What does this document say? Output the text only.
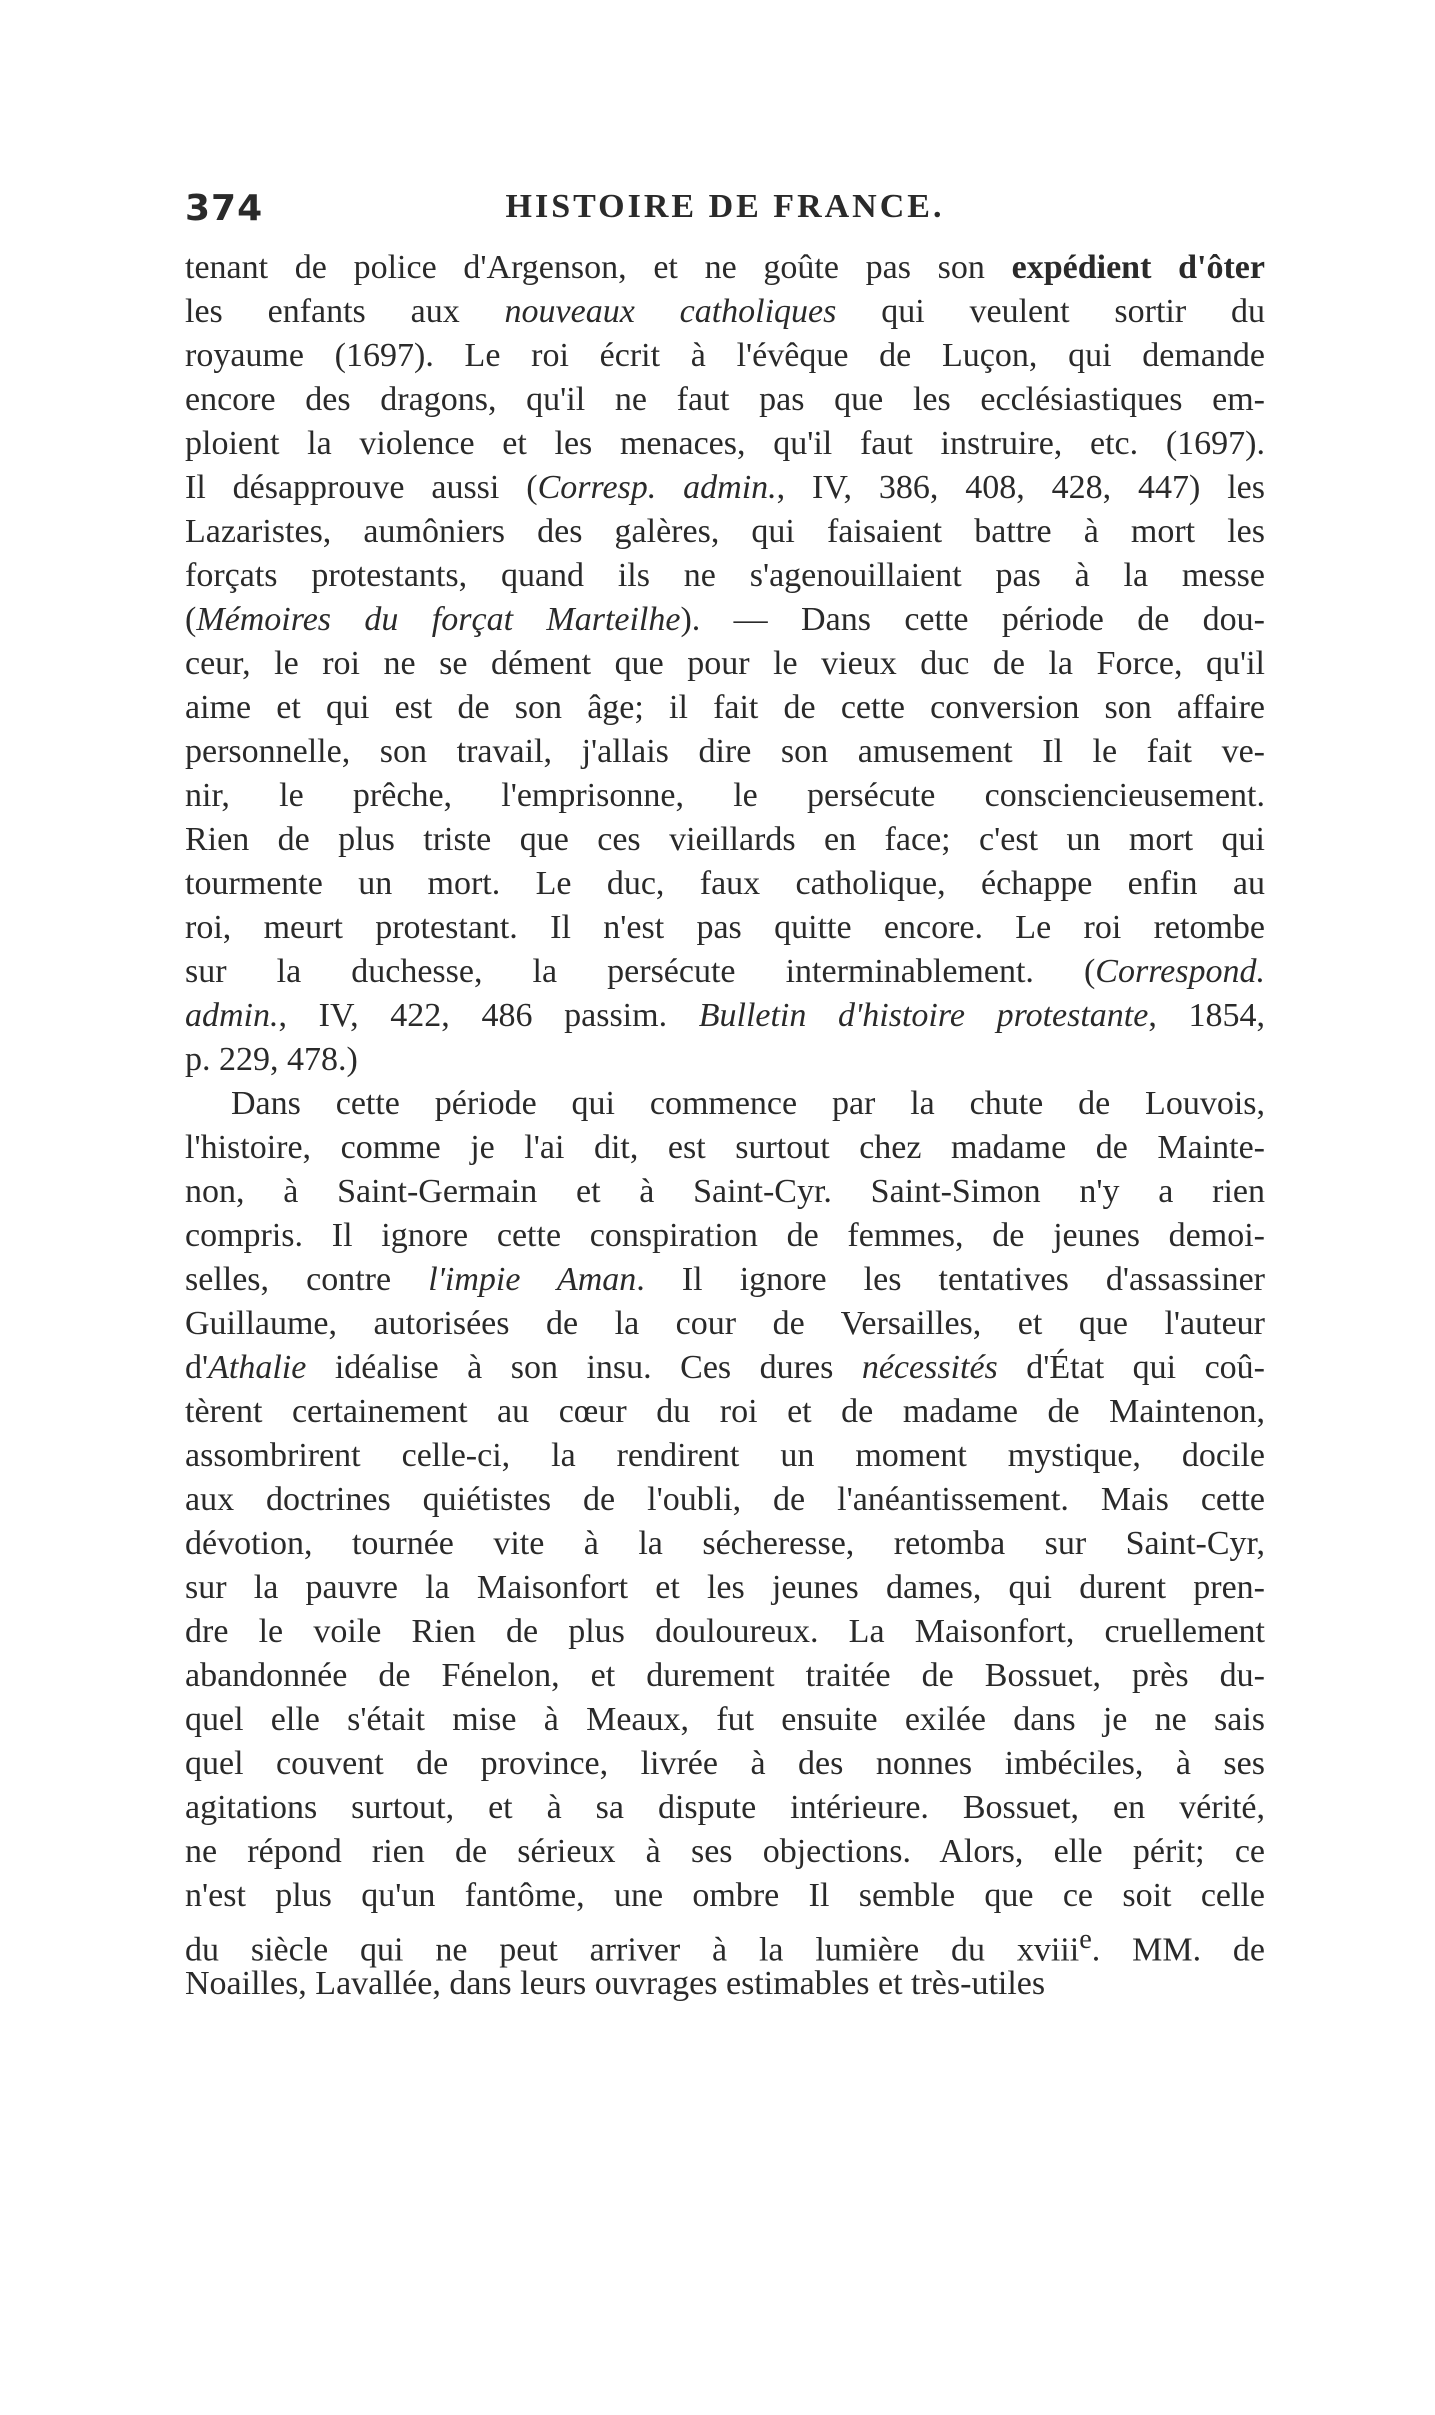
374	HISTOIRE DE FRANCE.
tenant de police d'Argenson, et ne goûte pas son expédient d'ôter
les enfants aux nouveaux catholiques qui veulent sortir du
royaume (1697). Le roi écrit à l'évêque de Luçon, qui demande
encore des dragons, qu'il ne faut pas que les ecclésiastiques em-
ploient la violence et les menaces, qu'il faut instruire, etc. (1697).
Il désapprouve aussi (Corresp. admin., IV, 386, 408, 428, 447) les
Lazaristes, aumôniers des galères, qui faisaient battre à mort les
forçats protestants, quand ils ne s'agenouillaient pas à la messe
(Mémoires du forçat Marteilhe). — Dans cette période de dou-
ceur, le roi ne se dément que pour le vieux duc de la Force, qu'il
aime et qui est de son âge; il fait de cette conversion son affaire
personnelle, son travail, j'allais dire son amusement Il le fait ve-
nir, le prêche, l'emprisonne, le persécute consciencieusement.
Rien de plus triste que ces vieillards en face; c'est un mort qui
tourmente un mort. Le duc, faux catholique, échappe enfin au
roi, meurt protestant. Il n'est pas quitte encore. Le roi retombe
sur la duchesse, la persécute interminablement. (Correspond.
admin., IV, 422, 486 passim. Bulletin d'histoire protestante, 1854,
p. 229, 478.)
Dans cette période qui commence par la chute de Louvois,
l'histoire, comme je l'ai dit, est surtout chez madame de Mainte-
non, à Saint-Germain et à Saint-Cyr. Saint-Simon n'y a rien
compris. Il ignore cette conspiration de femmes, de jeunes demoi-
selles, contre l'impie Aman. Il ignore les tentatives d'assassiner
Guillaume, autorisées de la cour de Versailles, et que l'auteur
d'Athalie idéalise à son insu. Ces dures nécessités d'État qui coû-
tèrent certainement au cœur du roi et de madame de Maintenon,
assombrirent celle-ci, la rendirent un moment mystique, docile
aux doctrines quiétistes de l'oubli, de l'anéantissement. Mais cette
dévotion, tournée vite à la sécheresse, retomba sur Saint-Cyr,
sur la pauvre la Maisonfort et les jeunes dames, qui durent pren-
dre le voile Rien de plus douloureux. La Maisonfort, cruellement
abandonnée de Fénelon, et durement traitée de Bossuet, près du-
quel elle s'était mise à Meaux, fut ensuite exilée dans je ne sais
quel couvent de province, livrée à des nonnes imbéciles, à ses
agitations surtout, et à sa dispute intérieure. Bossuet, en vérité,
ne répond rien de sérieux à ses objections. Alors, elle périt; ce
n'est plus qu'un fantôme, une ombre Il semble que ce soit celle
du siècle qui ne peut arriver à la lumière du xviii$^e$. MM. de
Noailles, Lavallée, dans leurs ouvrages estimables et très-utiles
